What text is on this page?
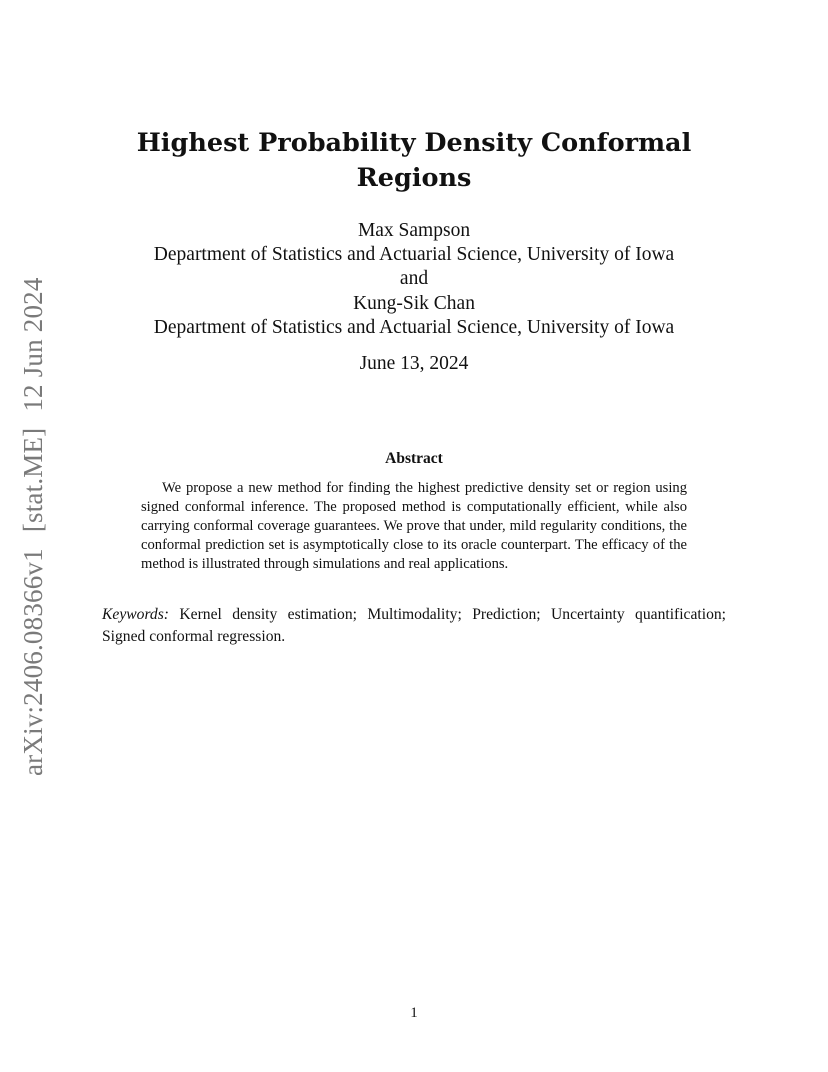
arXiv:2406.08366v1[stat.ME]12 Jun 2024
Highest Probability Density Conformal
Regions
Max Sampson
Department of Statistics and Actuarial Science, University of Iowa
and
Kung-Sik Chan
Department of Statistics and Actuarial Science, University of Iowa
June 13, 2024
Abstract
We propose a new method for finding the highest predictive density set or region using signed conformal inference. The proposed method is computationally efficient, while also carrying conformal coverage guarantees. We prove that under, mild regularity conditions, the conformal prediction set is asymptotically close to its oracle counterpart. The efficacy of the method is illustrated through simulations and real applications.
Keywords: Kernel density estimation; Multimodality; Prediction; Uncertainty quantification; Signed conformal regression.
1
